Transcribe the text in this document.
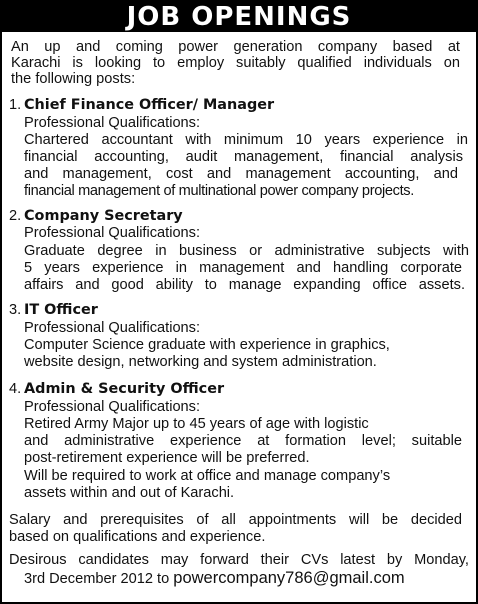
JOB OPENINGS
An up and coming power generation company based at
Karachi is looking to employ suitably qualified individuals on
the following posts:
1. Chief Finance Officer/ Manager
Professional Qualifications:
Chartered accountant with minimum 10 years experience in
financial accounting, audit management, financial analysis
and management, cost and management accounting, and
financial management of multinational power company projects.
2. Company Secretary
Professional Qualifications:
Graduate degree in business or administrative subjects with
5 years experience in management and handling corporate
affairs and good ability to manage expanding office assets.
3. IT Officer
Professional Qualifications:
Computer Science graduate with experience in graphics,
website design, networking and system administration.
4. Admin & Security Officer
Professional Qualifications:
Retired Army Major up to 45 years of age with logistic
and administrative experience at formation level; suitable
post-retirement experience will be preferred.
Will be required to work at office and manage company’s
assets within and out of Karachi.
Salary and prerequisites of all appointments will be decided
based on qualifications and experience.
Desirous candidates may forward their CVs latest by Monday,
3rd December 2012 to powercompany786@gmail.com
